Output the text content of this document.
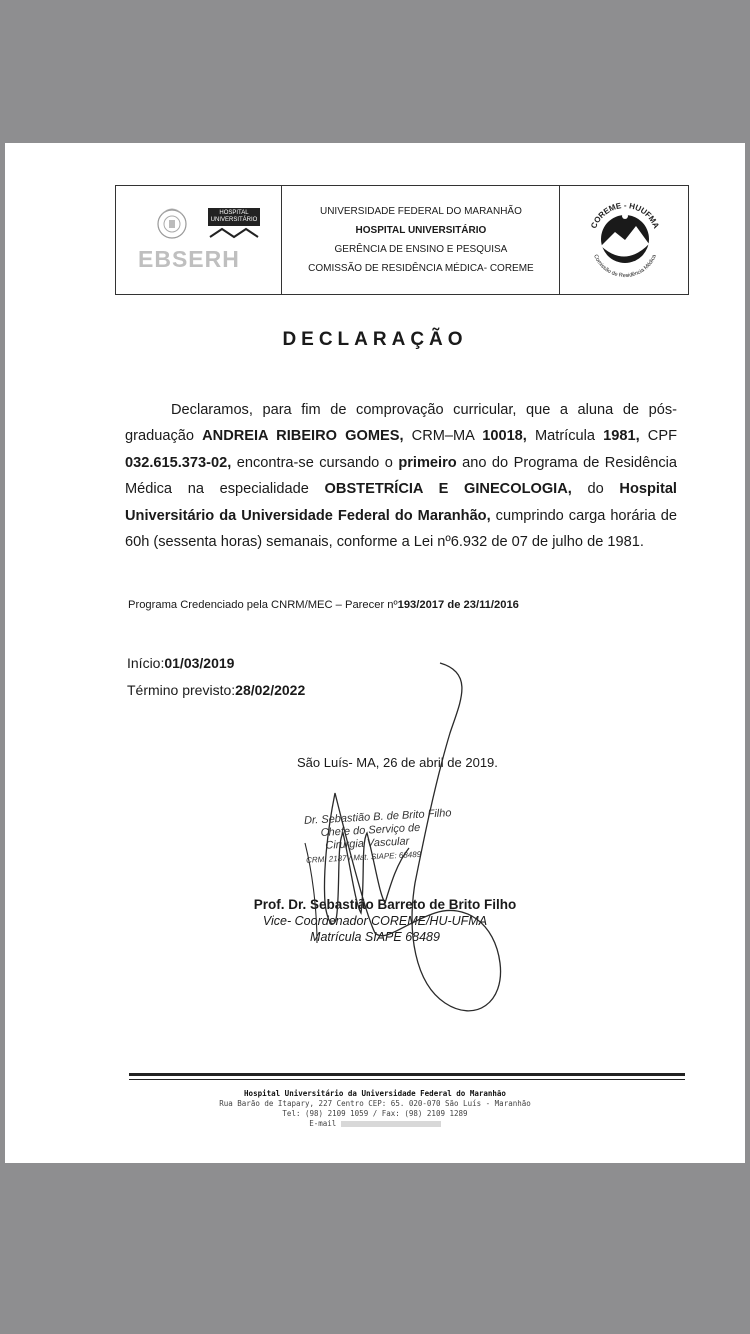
HOSPITAL UNIVERSITÁRIO
EBSERH
UNIVERSIDADE FEDERAL DO MARANHÃO
HOSPITAL UNIVERSITÁRIO
GERÊNCIA DE ENSINO E PESQUISA
COMISSÃO DE RESIDÊNCIA MÉDICA- COREME
COREME - HUUFMA
Comissão de Residência Médica
DECLARAÇÃO

Declaramos, para fim de comprovação curricular, que a aluna de pós-graduação ANDREIA RIBEIRO GOMES, CRM–MA 10018, Matrícula 1981, CPF 032.615.373-02, encontra-se cursando o primeiro ano do Programa de Residência Médica na especialidade OBSTETRÍCIA E GINECOLOGIA, do Hospital Universitário da Universidade Federal do Maranhão, cumprindo carga horária de 60h (sessenta horas) semanais, conforme a Lei nº6.932 de 07 de julho de 1981.

Programa Credenciado pela CNRM/MEC – Parecer nº193/2017 de 23/11/2016
Início:01/03/2019
Término previsto:28/02/2022
São Luís- MA, 26 de abril de 2019.
Dr. Sebastião B. de Brito Filho
Chefe do Serviço de
Cirurgia Vascular
CRM: 2187 / Mat. SIAPE: 68489
Prof. Dr. Sebastião Barreto de Brito Filho
Vice- Coordenador COREME/HU-UFMA
Matrícula SIAPE 68489
Hospital Universitário da Universidade Federal do Maranhão
Rua Barão de Itapary, 227 Centro CEP: 65. 020-070 São Luís - Maranhão
Tel: (98) 2109 1059 / Fax: (98) 2109 1289
E-mail
